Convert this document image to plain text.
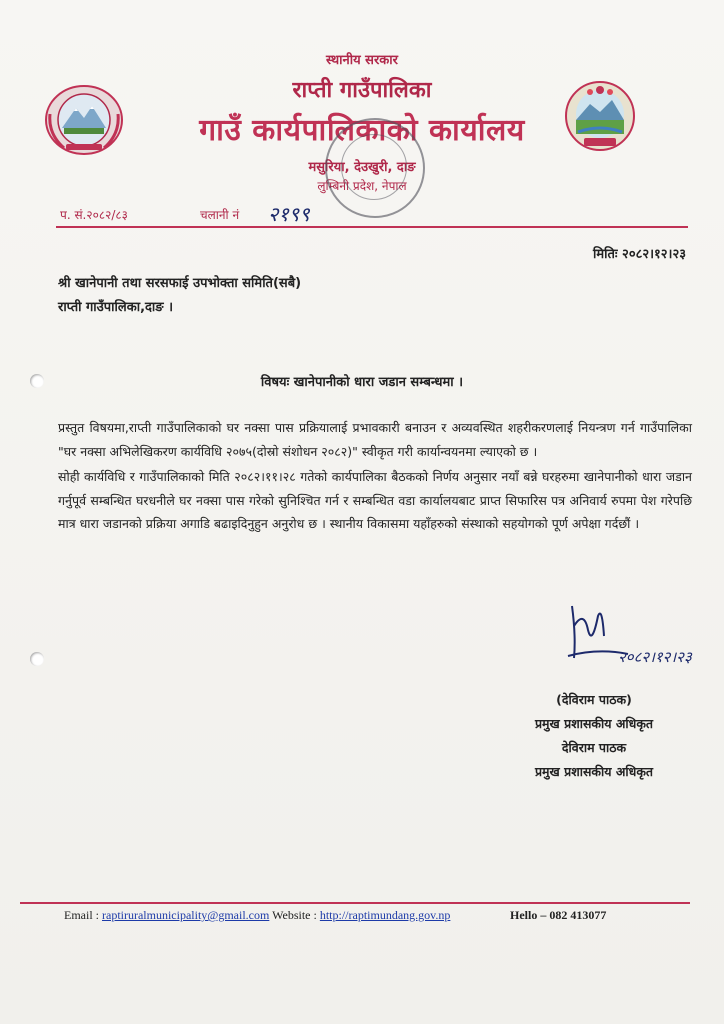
स्थानीय सरकार
राप्ती गाउँपालिका
गाउँ कार्यपालिकाको कार्यालय
मसुरिया, देउखुरी, दाङ
लुम्बिनी प्रदेश, नेपाल
प. सं.२०८२/८३	चलानी नं २१९९
मितिः २०८२।१२।२३
श्री खानेपानी तथा सरसफाई उपभोक्ता समिति(सबै)
राप्ती गाउँपालिका,दाङ ।
विषयः खानेपानीको धारा जडान सम्बन्धमा ।

प्रस्तुत विषयमा,राप्ती गाउँपालिकाको घर नक्सा पास प्रक्रियालाई प्रभावकारी बनाउन र अव्यवस्थित शहरीकरणलाई नियन्त्रण गर्न गाउँपालिका "घर नक्सा अभिलेखिकरण कार्यविधि २०७५(दोस्रो संशोधन २०८२)" स्वीकृत गरी कार्यान्वयनमा ल्याएको छ ।

सोही कार्यविधि र गाउँपालिकाको मिति २०८२।११।२८ गतेको कार्यपालिका बैठकको निर्णय अनुसार नयाँ बन्ने घरहरुमा खानेपानीको धारा जडान गर्नुपूर्व सम्बन्धित घरधनीले घर नक्सा पास गरेको सुनिश्चित गर्न र सम्बन्धित वडा कार्यालयबाट प्राप्त सिफारिस पत्र अनिवार्य रुपमा पेश गरेपछि मात्र धारा जडानको प्रक्रिया अगाडि बढाइदिनुहुन अनुरोध छ । स्थानीय विकासमा यहाँहरुको संस्थाको सहयोगको पूर्ण अपेक्षा गर्दछौं ।

२०८२।१२।२३
(देविराम पाठक)
प्रमुख प्रशासकीय अधिकृत
देविराम पाठक
प्रमुख प्रशासकीय अधिकृत
Email : raptiruralmunicipality@gmail.com Website : http://raptimundang.gov.np	Hello – 082 413077
